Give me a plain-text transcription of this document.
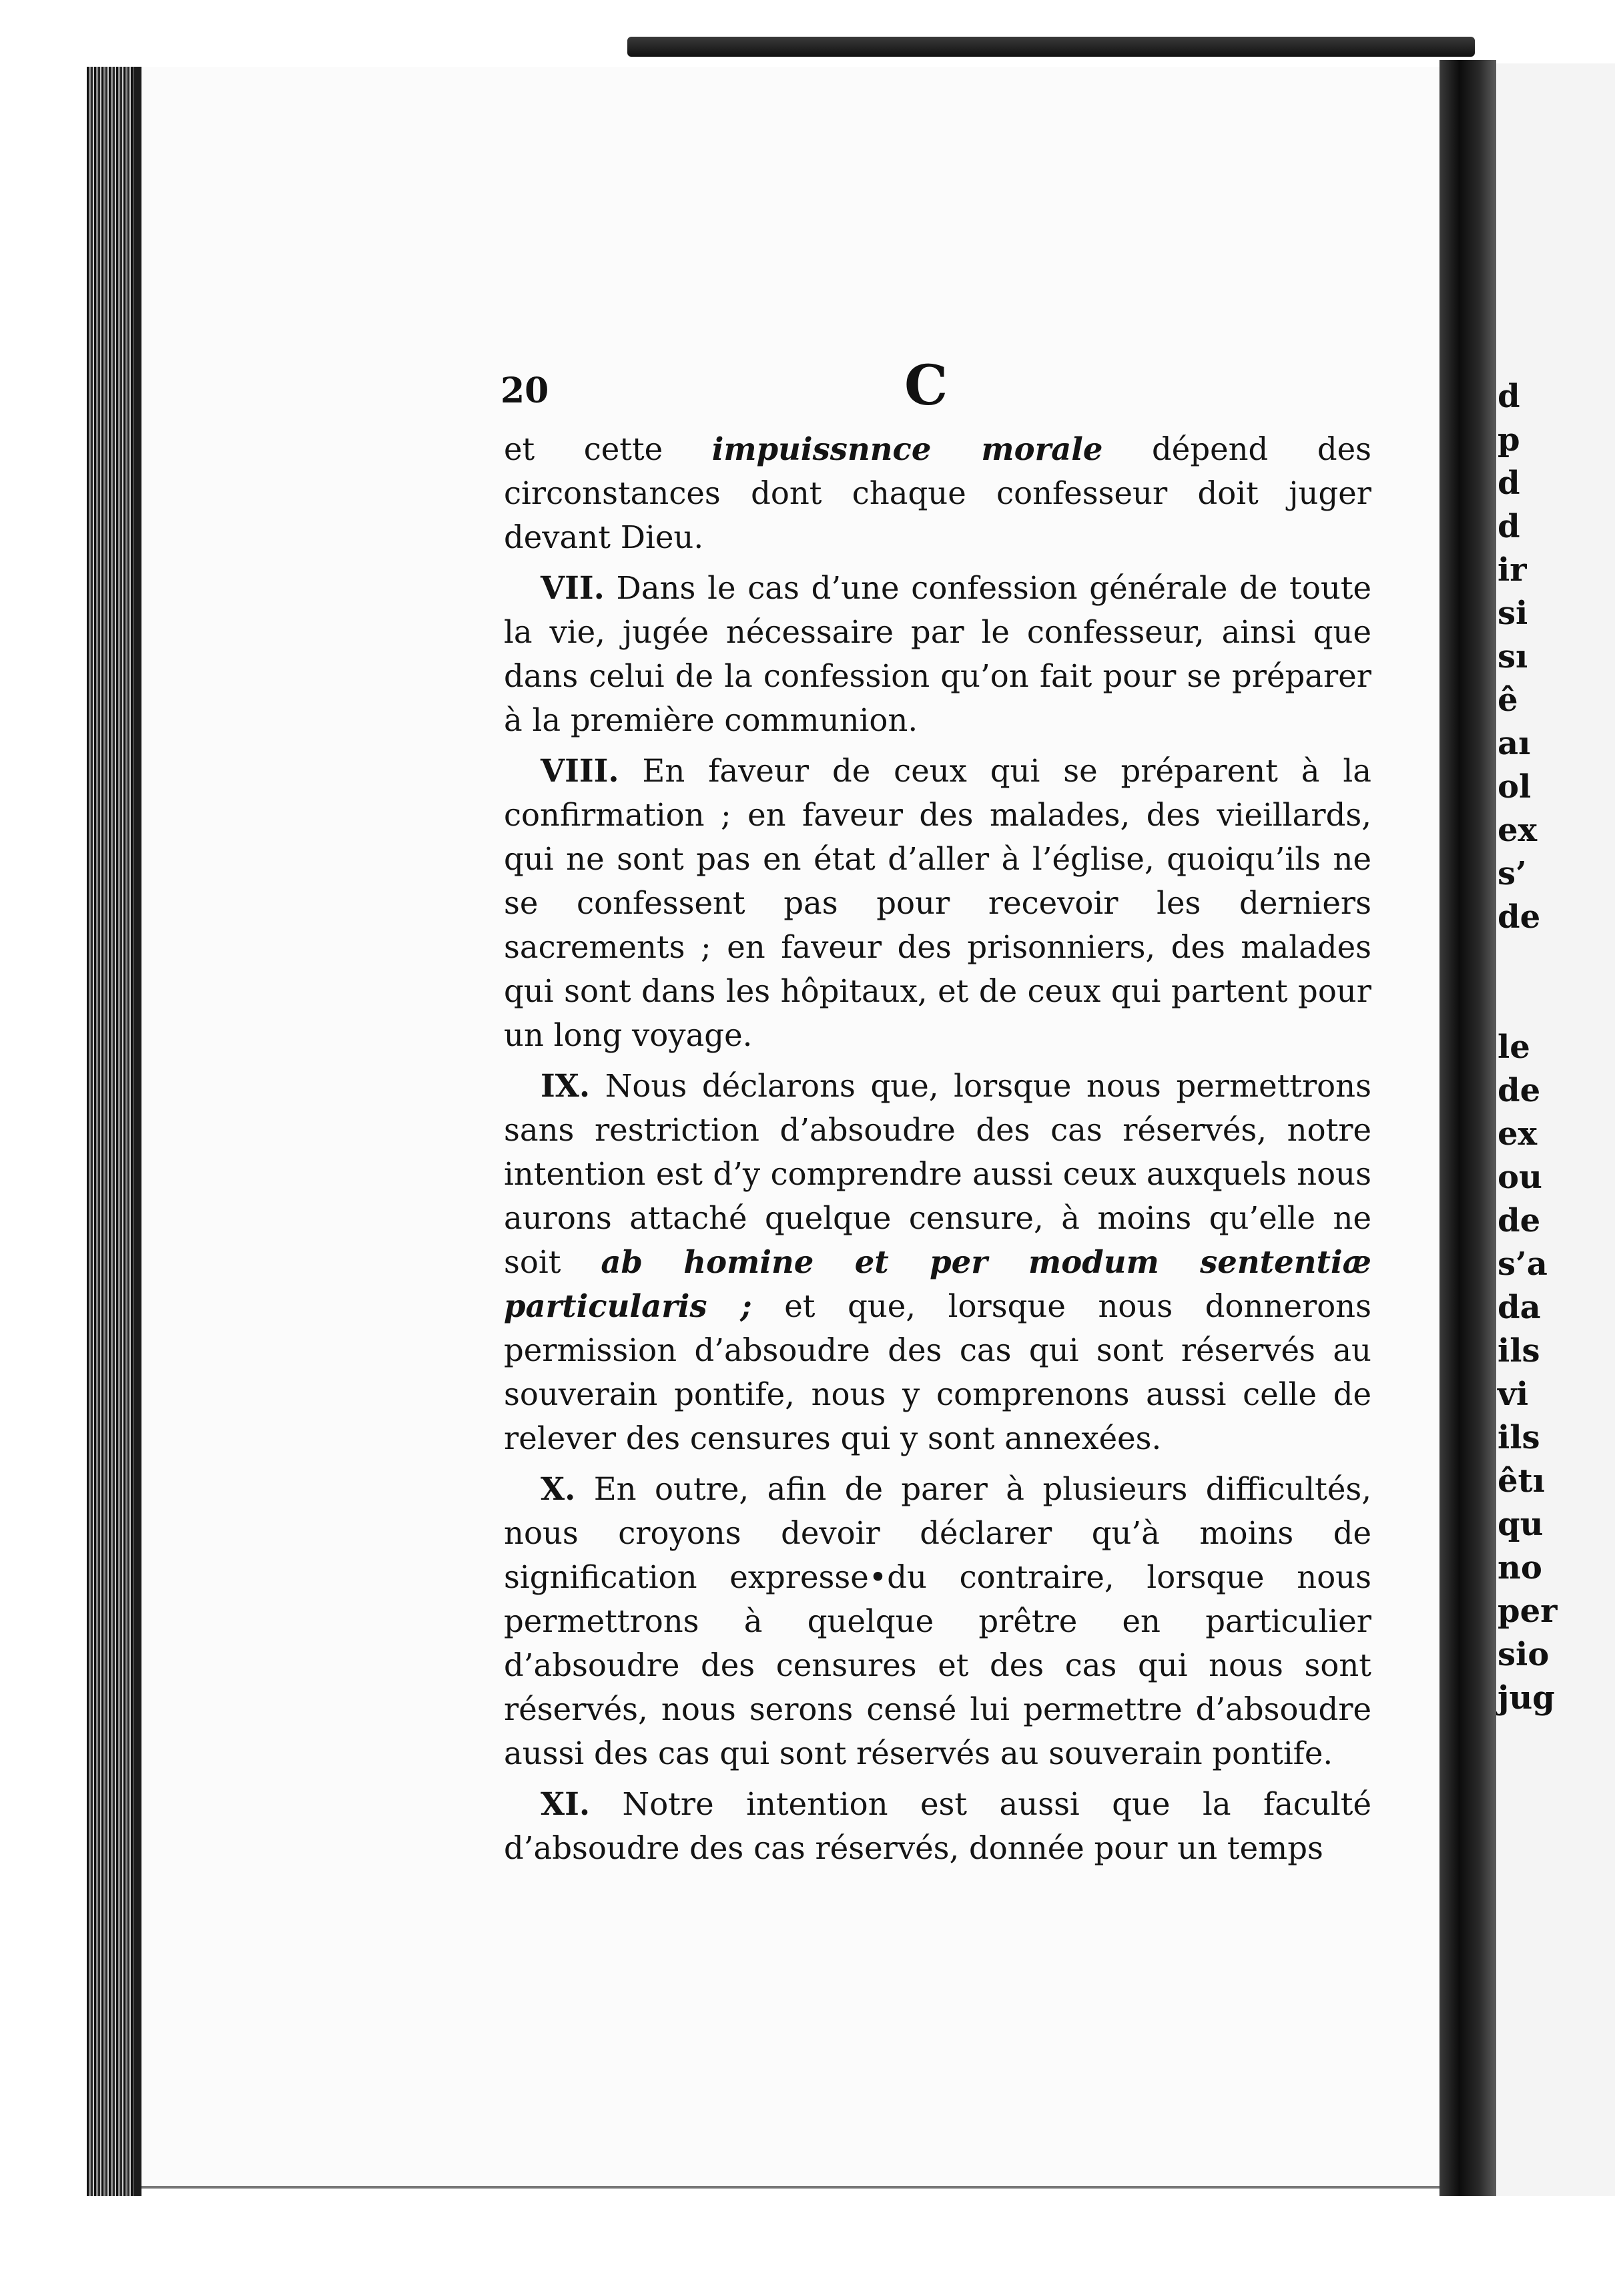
20	C

et cette impuissnnce morale dépend des circonstances dont chaque confesseur doit juger devant Dieu.

VII. Dans le cas d’une confession générale de toute la vie, jugée nécessaire par le confesseur, ainsi que dans celui de la confession qu’on fait pour se préparer à la première communion.

VIII. En faveur de ceux qui se préparent à la confirmation ; en faveur des malades, des vieillards, qui ne sont pas en état d’aller à l’église, quoiqu’ils ne se confessent pas pour recevoir les derniers sacrements ; en faveur des prisonniers, des malades qui sont dans les hôpitaux, et de ceux qui partent pour un long voyage.

IX. Nous déclarons que, lorsque nous permettrons sans restriction d’absoudre des cas réservés, notre intention est d’y comprendre aussi ceux auxquels nous aurons attaché quelque censure, à moins qu’elle ne soit ab homine et per modum sententiæ particularis ; et que, lorsque nous donnerons permission d’absoudre des cas qui sont réservés au souverain pontife, nous y comprenons aussi celle de relever des censures qui y sont annexées.

X. En outre, afin de parer à plusieurs difficultés, nous croyons devoir déclarer qu’à moins de signification expresse•du contraire, lorsque nous permettrons à quelque prêtre en particulier d’absoudre des censures et des cas qui nous sont réservés, nous serons censé lui permettre d’absoudre aussi des cas qui sont réservés au souverain pontife.

XI. Notre intention est aussi que la faculté d’absoudre des cas réservés, donnée pour un temps

d
p
d
d
ir
si
sı
ê
aı
ol
ex
s’
de
le
de
ex
ou
de
s’a
da
ils
vi
ils
êtı
qu
no
per
sio
jug
